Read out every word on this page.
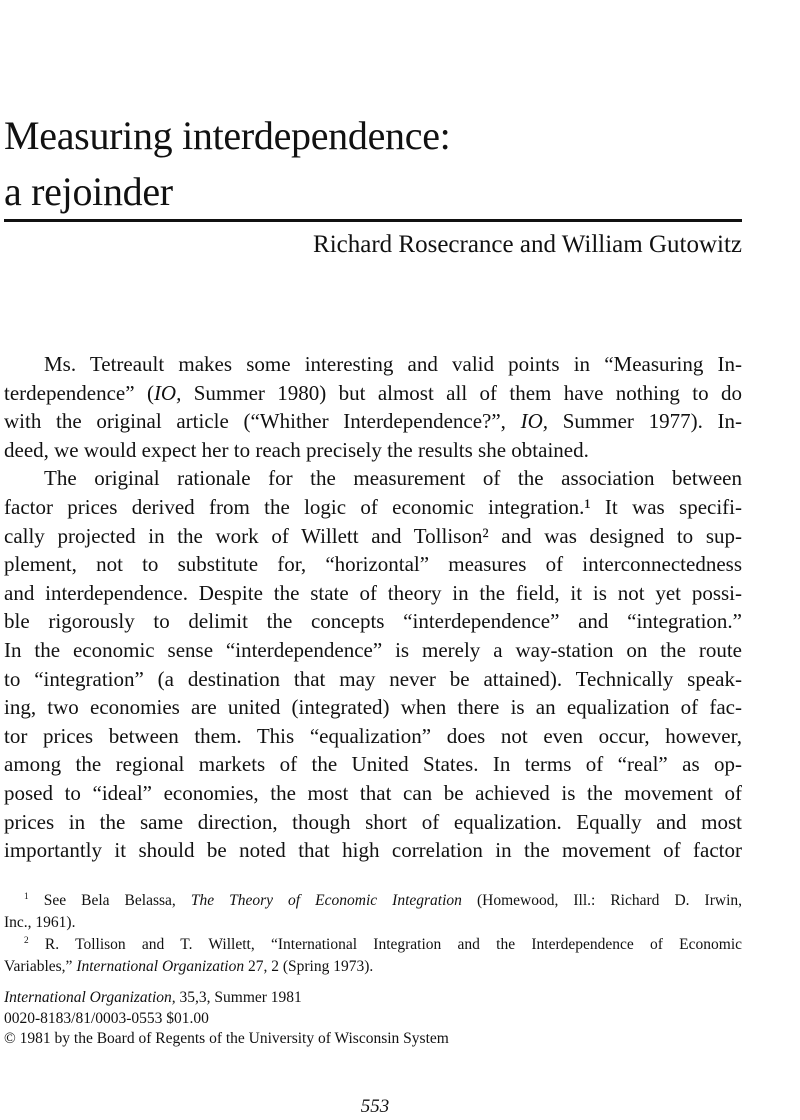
Measuring interdependence:
a rejoinder
Richard Rosecrance and William Gutowitz
Ms. Tetreault makes some interesting and valid points in “Measuring In-
terdependence” (IO, Summer 1980) but almost all of them have nothing to do
with the original article (“Whither Interdependence?”, IO, Summer 1977). In-
deed, we would expect her to reach precisely the results she obtained.
The original rationale for the measurement of the association between
factor prices derived from the logic of economic integration.¹ It was specifi-
cally projected in the work of Willett and Tollison² and was designed to sup-
plement, not to substitute for, “horizontal” measures of interconnectedness
and interdependence. Despite the state of theory in the field, it is not yet possi-
ble rigorously to delimit the concepts “interdependence” and “integration.”
In the economic sense “interdependence” is merely a way-station on the route
to “integration” (a destination that may never be attained). Technically speak-
ing, two economies are united (integrated) when there is an equalization of fac-
tor prices between them. This “equalization” does not even occur, however,
among the regional markets of the United States. In terms of “real” as op-
posed to “ideal” economies, the most that can be achieved is the movement of
prices in the same direction, though short of equalization. Equally and most
importantly it should be noted that high correlation in the movement of factor
$^1$ See Bela Belassa, The Theory of Economic Integration (Homewood, Ill.: Richard D. Irwin,
Inc., 1961).
$^2$ R. Tollison and T. Willett, “International Integration and the Interdependence of Economic
Variables,” International Organization 27, 2 (Spring 1973).
International Organization, 35,3, Summer 1981
0020-8183/81/0003-0553 $01.00
© 1981 by the Board of Regents of the University of Wisconsin System
553
